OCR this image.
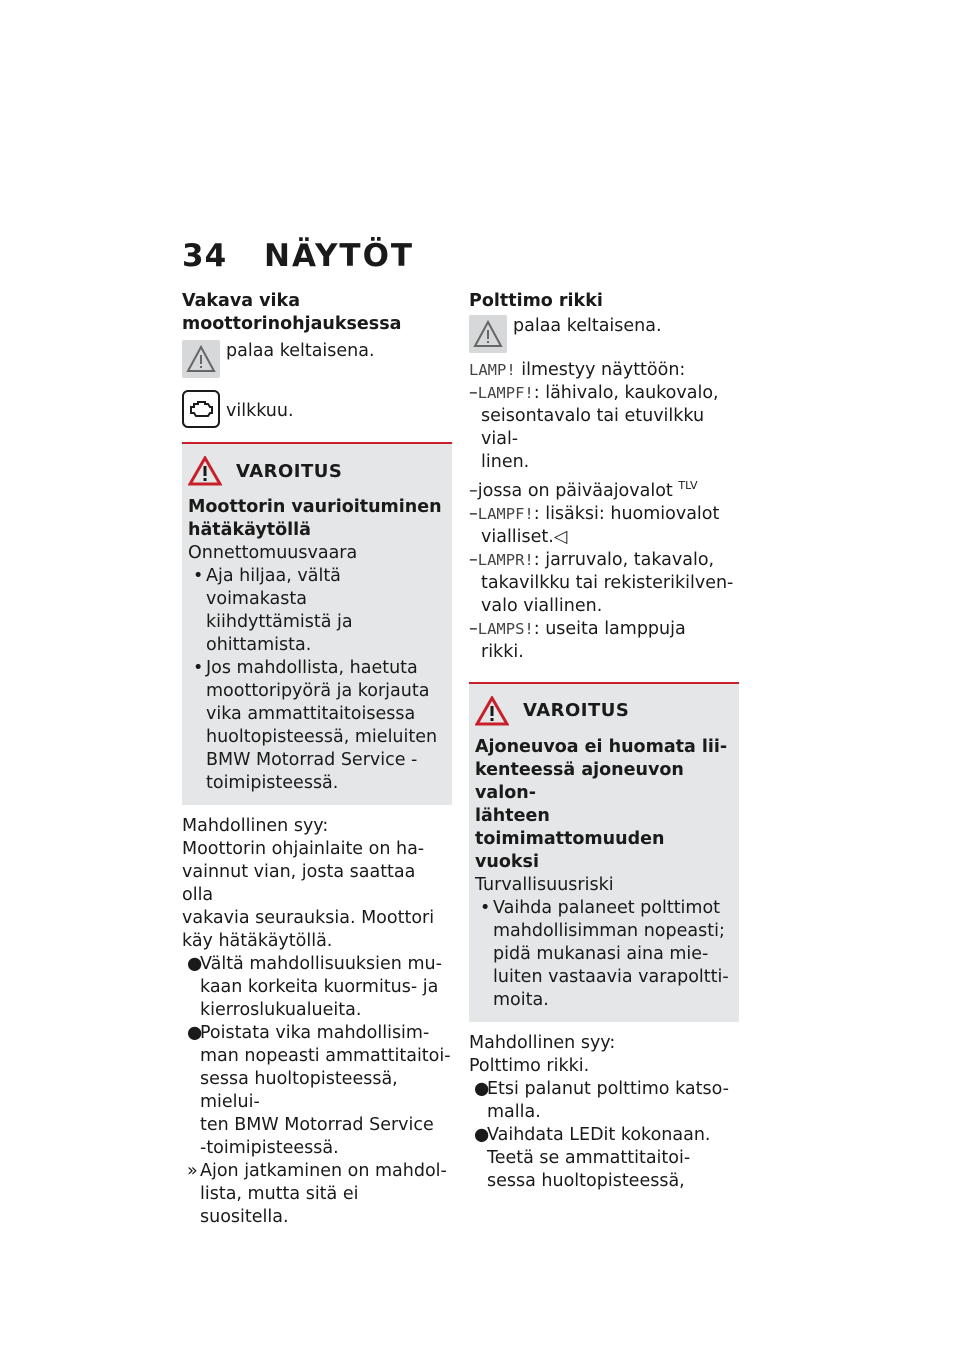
34 NÄYTÖT
Vakava vika
moottorinohjauksessa
palaa keltaisena.
vilkkuu.
VAROITUS
Moottorin vaurioituminen
hätäkäytöllä
Onnettomuusvaara
• Aja hiljaa, vältä voimakasta
kiihdyttämistä ja ohittamista.
• Jos mahdollista, haetuta
moottoripyörä ja korjauta
vika ammattitaitoisessa
huoltopisteessä, mieluiten
BMW Motorrad Service -
toimipisteessä.
Mahdollinen syy:
Moottorin ohjainlaite on ha-
vainnut vian, josta saattaa olla
vakavia seurauksia. Moottori
käy hätäkäytöllä.
●Vältä mahdollisuuksien mu-
kaan korkeita kuormitus- ja
kierroslukualueita.
●Poistata vika mahdollisim-
man nopeasti ammattitaitoi-
sessa huoltopisteessä, mielui-
ten BMW Motorrad Service
-toimipisteessä.
» Ajon jatkaminen on mahdol-
lista, mutta sitä ei suositella.
Polttimo rikki
palaa keltaisena.
LAMP! ilmestyy näyttöön:
–LAMPF!: lähivalo, kaukovalo,
seisontavalo tai etuvilkku vial-
linen.
–jossa on päiväajovalot $^{TLV}$
–LAMPF!: lisäksi: huomiovalot
vialliset.◁
–LAMPR!: jarruvalo, takavalo,
takavilkku tai rekisterikilven-
valo viallinen.
–LAMPS!: useita lamppuja
rikki.
VAROITUS
Ajoneuvoa ei huomata lii-
kenteessä ajoneuvon valon-
lähteen toimimattomuuden
vuoksi
Turvallisuusriski
• Vaihda palaneet polttimot
mahdollisimman nopeasti;
pidä mukanasi aina mie-
luiten vastaavia varapoltti-
moita.
Mahdollinen syy:
Polttimo rikki.
●Etsi palanut polttimo katso-
malla.
●Vaihdata LEDit kokonaan.
Teetä se ammattitaitoi-
sessa huoltopisteessä,
